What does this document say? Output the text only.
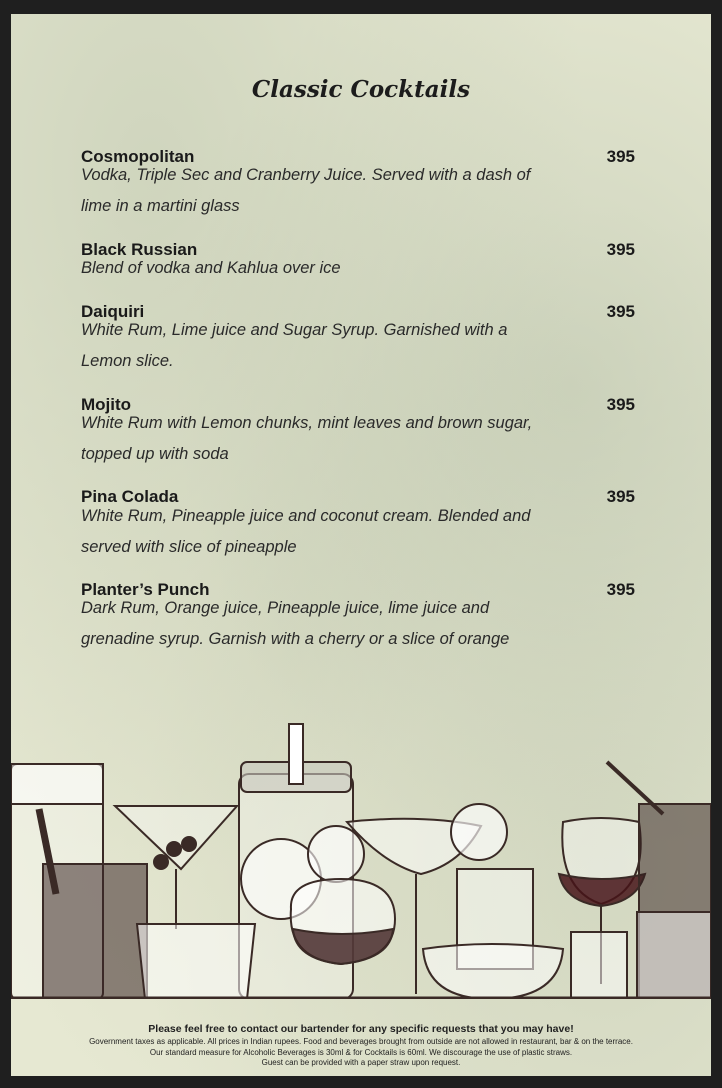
Classic Cocktails
Cosmopolitan	395
Vodka, Triple Sec and Cranberry Juice. Served with a dash of lime in a martini glass
Black Russian	395
Blend of vodka and Kahlua over ice
Daiquiri	395
White Rum, Lime juice and Sugar Syrup. Garnished with a Lemon slice.
Mojito	395
White Rum with Lemon chunks, mint leaves and brown sugar, topped up with soda
Pina Colada	395
White Rum, Pineapple juice and coconut cream. Blended and served with slice of pineapple
Planter’s Punch	395
Dark Rum, Orange juice, Pineapple juice, lime juice and grenadine syrup. Garnish with a cherry or a slice of orange
Please feel free to contact our bartender for any specific requests that you may have!
Government taxes as applicable. All prices in Indian rupees. Food and beverages brought from outside are not allowed in restaurant, bar & on the terrace.
Our standard measure for Alcoholic Beverages is 30ml & for Cocktails is 60ml. We discourage the use of plastic straws.
Guest can be provided with a paper straw upon request.
